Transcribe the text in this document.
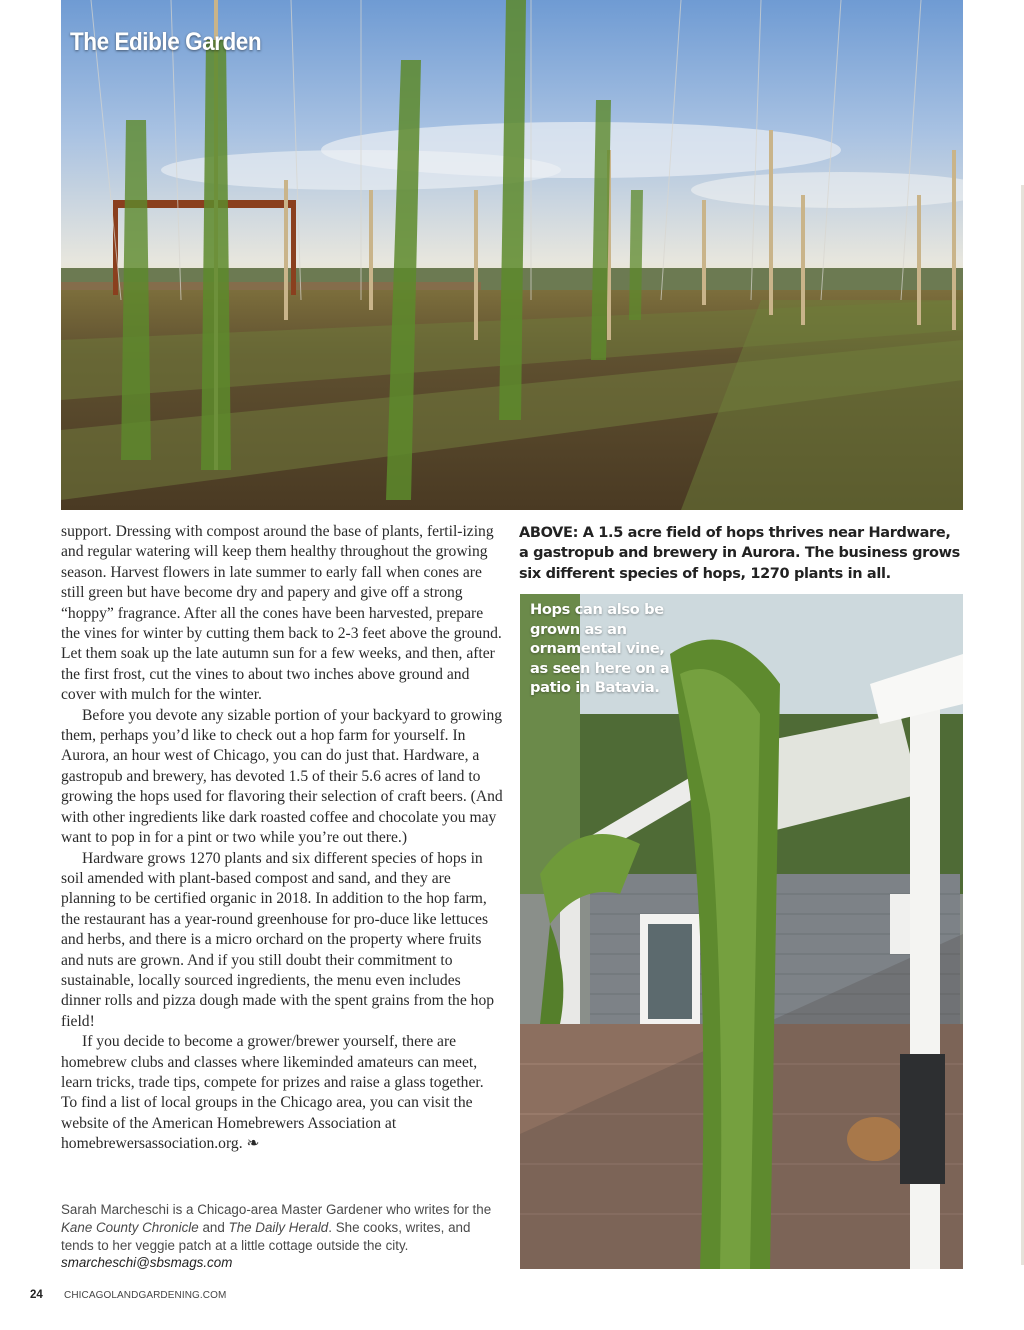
The Edible Garden

support. Dressing with compost around the base of plants, fertil-izing and regular watering will keep them healthy throughout the growing season. Harvest flowers in late summer to early fall when cones are still green but have become dry and papery and give off a strong “hoppy” fragrance. After all the cones have been harvested, prepare the vines for winter by cutting them back to 2-3 feet above the ground. Let them soak up the late autumn sun for a few weeks, and then, after the first frost, cut the vines to about two inches above ground and cover with mulch for the winter.

Before you devote any sizable portion of your backyard to growing them, perhaps you’d like to check out a hop farm for yourself. In Aurora, an hour west of Chicago, you can do just that. Hardware, a gastropub and brewery, has devoted 1.5 of their 5.6 acres of land to growing the hops used for flavoring their selection of craft beers. (And with other ingredients like dark roasted coffee and chocolate you may want to pop in for a pint or two while you’re out there.)

Hardware grows 1270 plants and six different species of hops in soil amended with plant-based compost and sand, and they are planning to be certified organic in 2018. In addition to the hop farm, the restaurant has a year-round greenhouse for pro-duce like lettuces and herbs, and there is a micro orchard on the property where fruits and nuts are grown. And if you still doubt their commitment to sustainable, locally sourced ingredients, the menu even includes dinner rolls and pizza dough made with the spent grains from the hop field!

If you decide to become a grower/brewer yourself, there are homebrew clubs and classes where likeminded amateurs can meet, learn tricks, trade tips, compete for prizes and raise a glass together. To find a list of local groups in the Chicago area, you can visit the website of the American Homebrewers Association at homebrewersassociation.org. ❧

Sarah Marcheschi is a Chicago-area Master Gardener who writes for the Kane County Chronicle and The Daily Herald. She cooks, writes, and tends to her veggie patch at a little cottage outside the city.
smarcheschi@sbsmags.com
ABOVE: A 1.5 acre field of hops thrives near Hardware, a gastropub and brewery in Aurora. The business grows six different species of hops, 1270 plants in all.
Hops can also be grown as an ornamental vine, as seen here on a patio in Batavia.
24 CHICAGOLANDGARDENING.COM
